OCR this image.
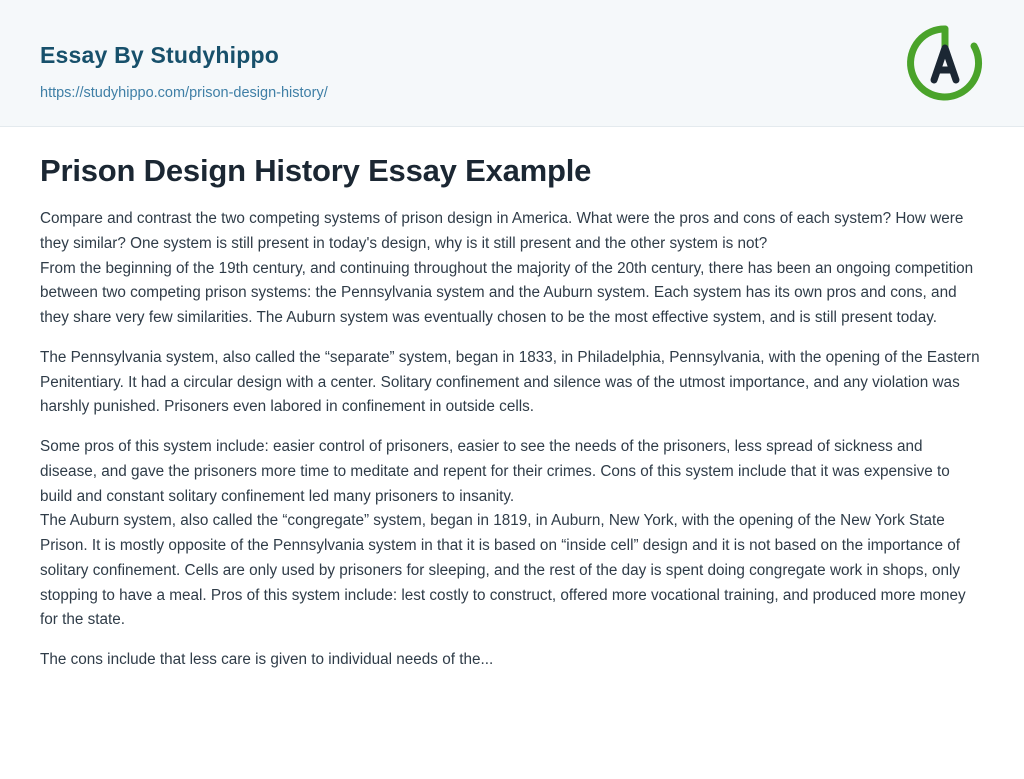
Essay By Studyhippo
https://studyhippo.com/prison-design-history/
Prison Design History Essay Example

Compare and contrast the two competing systems of prison design in America. What were the pros and cons of each system? How were they similar? One system is still present in today's design, why is it still present and the other system is not?

From the beginning of the 19th century, and continuing throughout the majority of the 20th century, there has been an ongoing competition between two competing prison systems: the Pennsylvania system and the Auburn system. Each system has its own pros and cons, and they share very few similarities. The Auburn system was eventually chosen to be the most effective system, and is still present today.

The Pennsylvania system, also called the “separate” system, began in 1833, in Philadelphia, Pennsylvania, with the opening of the Eastern Penitentiary. It had a circular design with a center. Solitary confinement and silence was of the utmost importance, and any violation was harshly punished. Prisoners even labored in confinement in outside cells.

Some pros of this system include: easier control of prisoners, easier to see the needs of the prisoners, less spread of sickness and disease, and gave the prisoners more time to meditate and repent for their crimes. Cons of this system include that it was expensive to build and constant solitary confinement led many prisoners to insanity.

The Auburn system, also called the “congregate” system, began in 1819, in Auburn, New York, with the opening of the New York State Prison. It is mostly opposite of the Pennsylvania system in that it is based on “inside cell” design and it is not based on the importance of solitary confinement. Cells are only used by prisoners for sleeping, and the rest of the day is spent doing congregate work in shops, only stopping to have a meal. Pros of this system include: lest costly to construct, offered more vocational training, and produced more money for the state.

The cons include that less care is given to individual needs of the...
